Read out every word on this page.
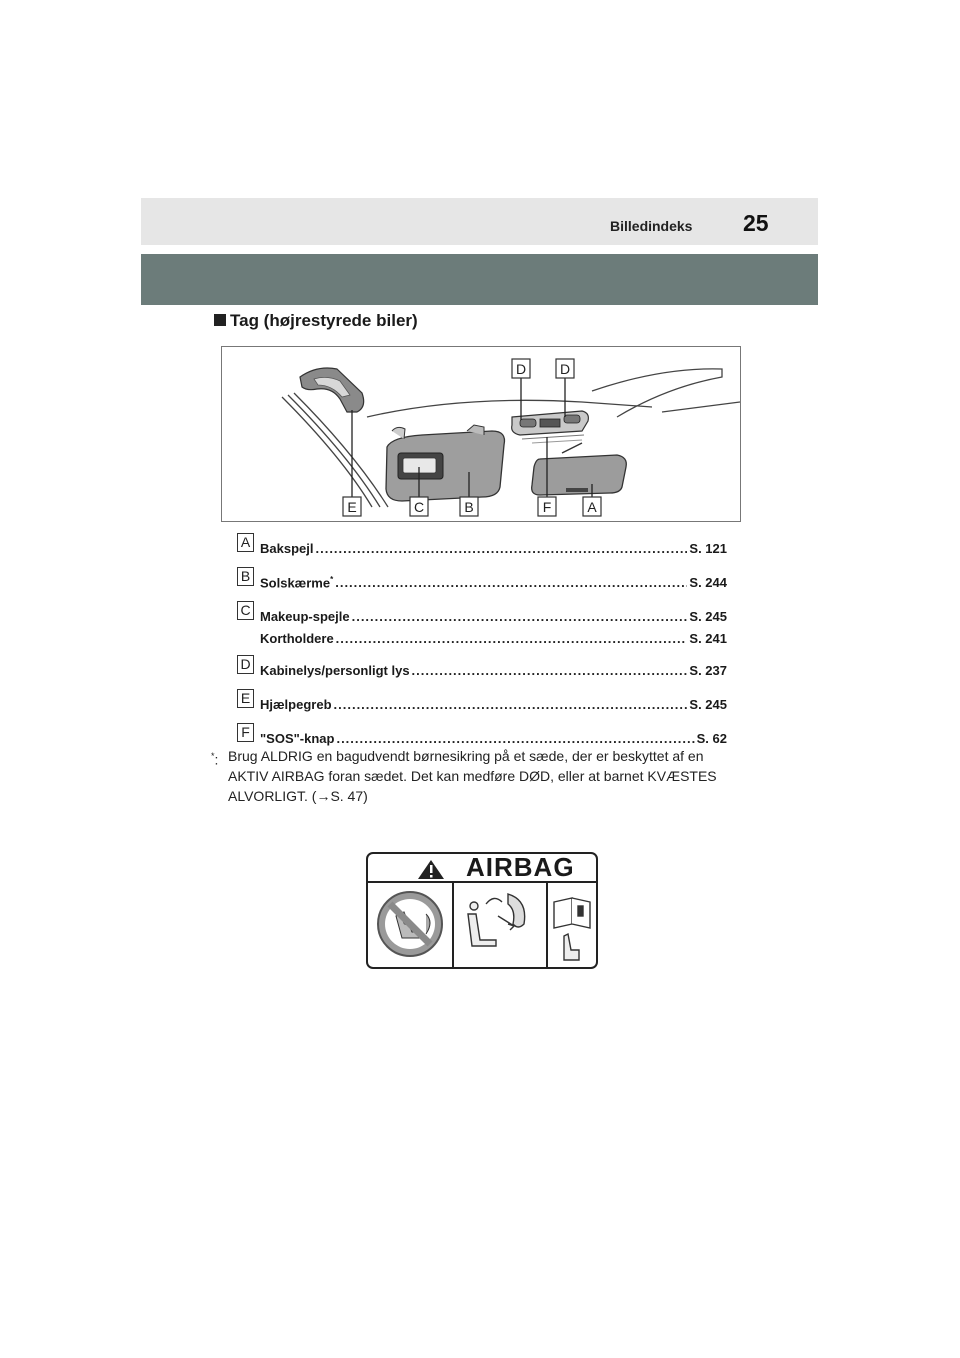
Billedindeks 25
Tag (højrestyrede biler)
D D
E	C	B	F	A
A Bakspejl .....	S. 121
B Solskærme* .....	S. 244
C Makeup-spejle .....	S. 245
Kortholdere .....	S. 241
D Kabinelys/personligt lys .....	S. 237
E Hjælpegreb .....	S. 245
F "SOS"-knap .....	S. 62
*: Brug ALDRIG en bagudvendt børnesikring på et sæde, der er beskyttet af en
AKTIV AIRBAG foran sædet. Det kan medføre DØD, eller at barnet KVÆSTES
ALVORLIGT. (→S. 47)
AIRBAG
